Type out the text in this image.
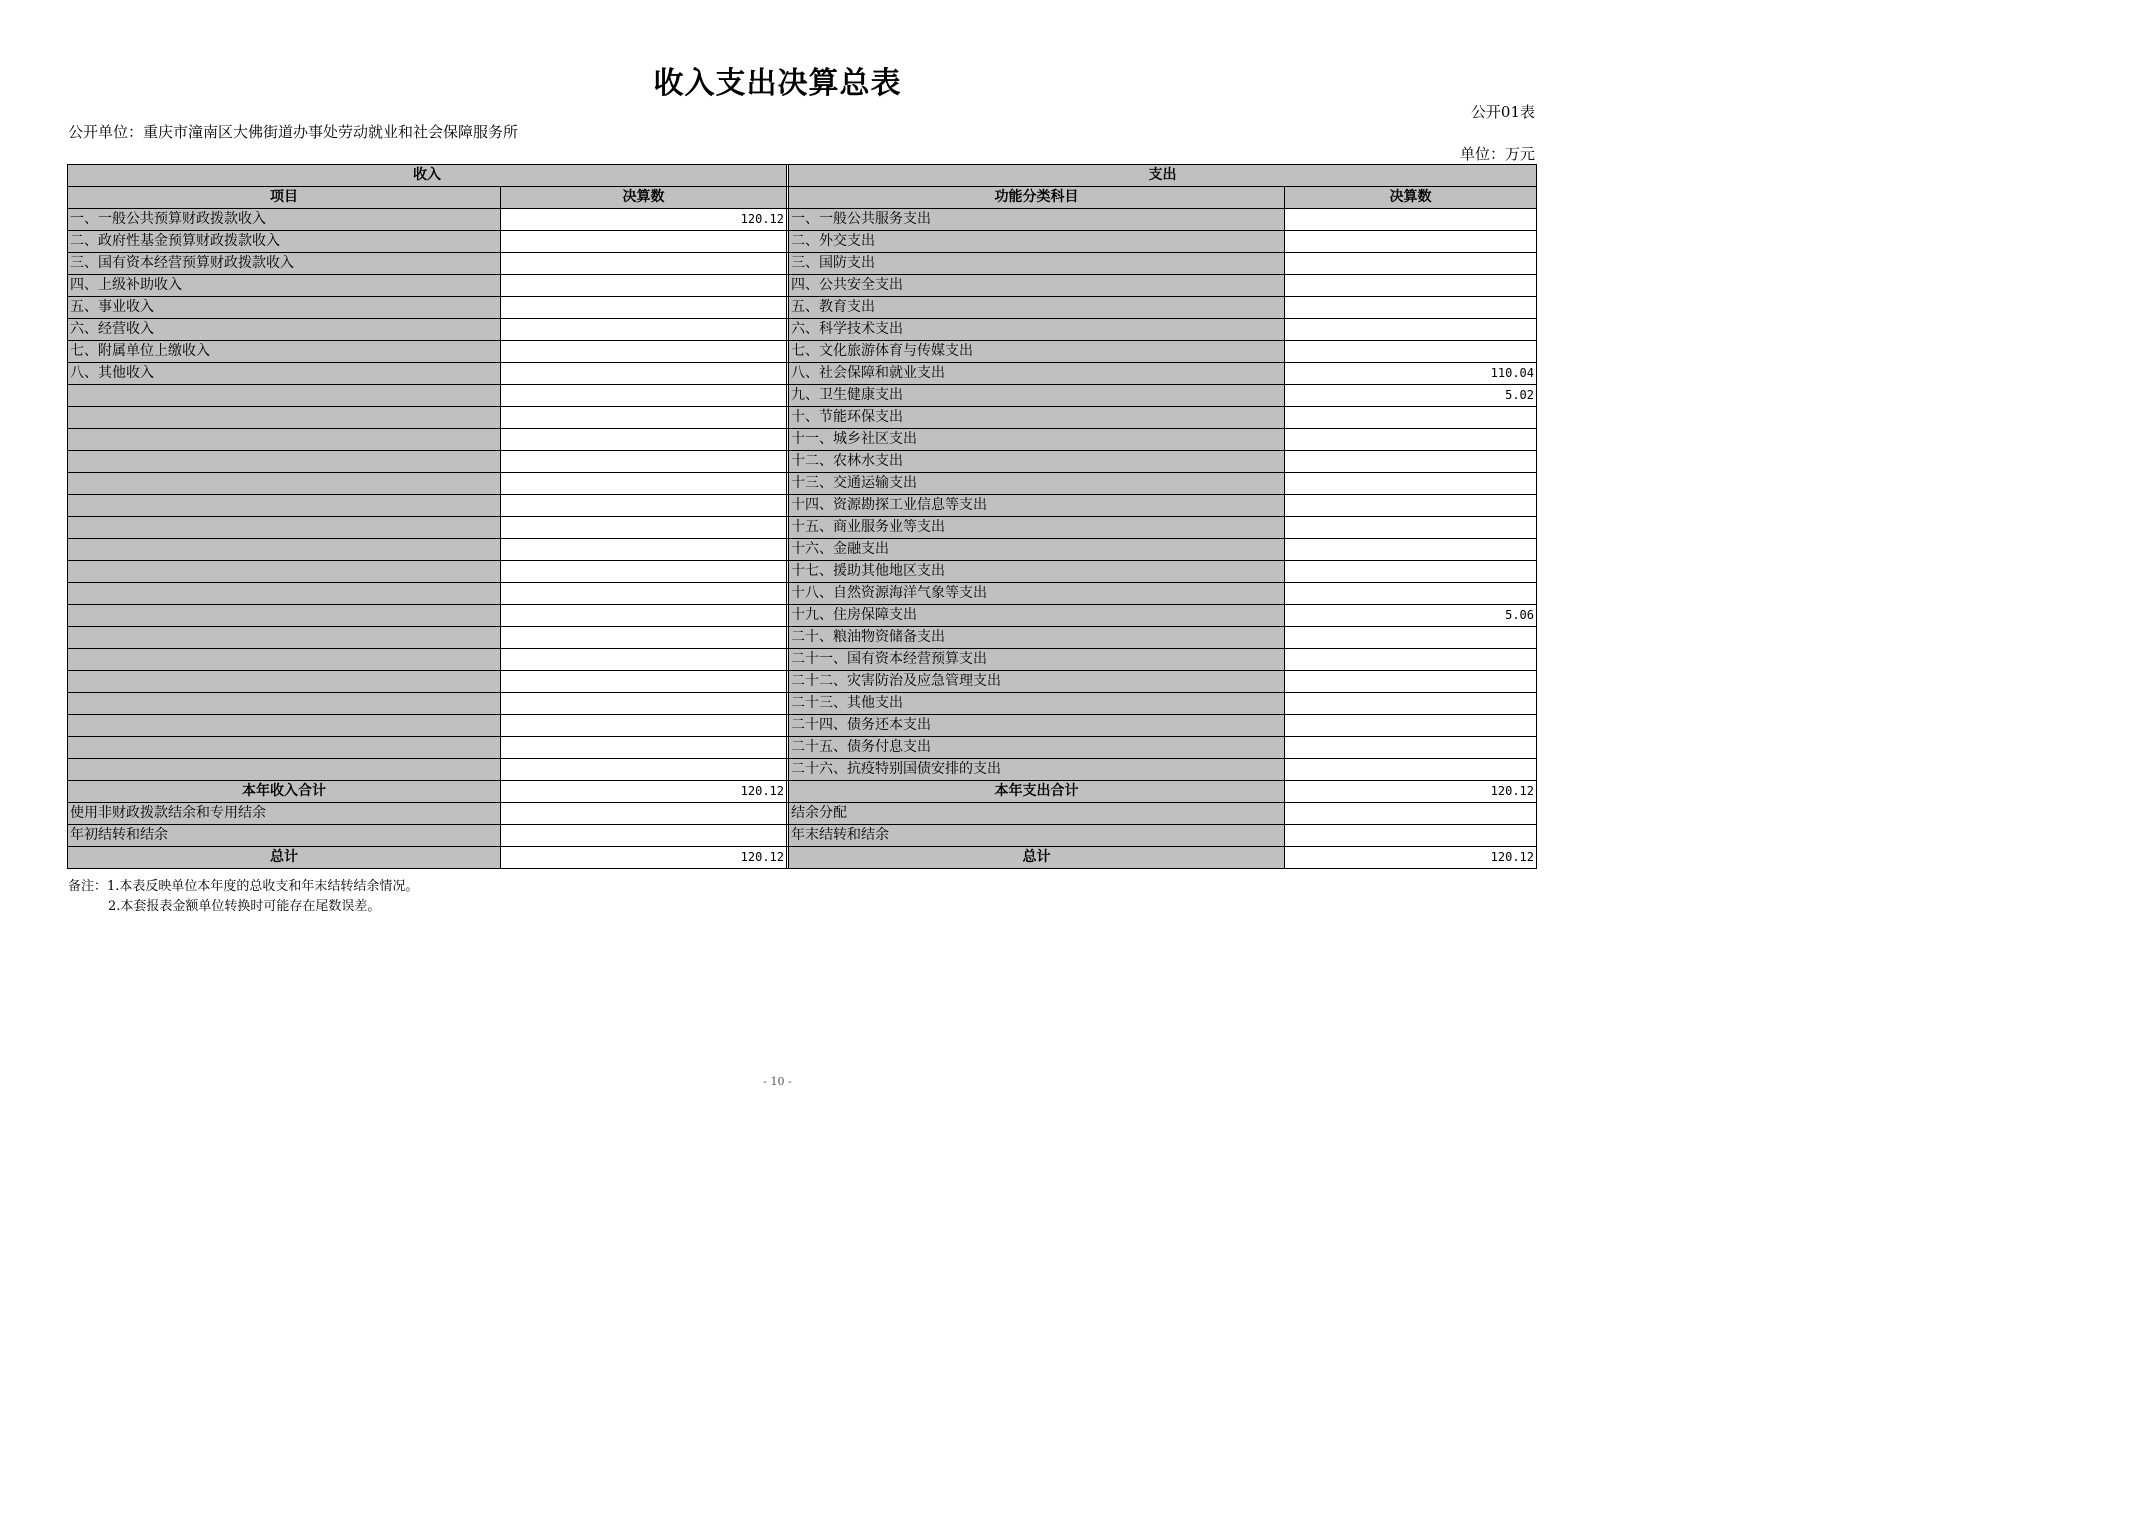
收入支出决算总表
公开01表
公开单位：重庆市潼南区大佛街道办事处劳动就业和社会保障服务所
单位：万元
收入			支出	
项目	决算数		功能分类科目	决算数
一、一般公共预算财政拨款收入	120.12		一、一般公共服务支出	
二、政府性基金预算财政拨款收入			二、外交支出	
三、国有资本经营预算财政拨款收入			三、国防支出	
四、上级补助收入			四、公共安全支出	
五、事业收入			五、教育支出	
六、经营收入			六、科学技术支出	
七、附属单位上缴收入			七、文化旅游体育与传媒支出	
八、其他收入			八、社会保障和就业支出	110.04
			九、卫生健康支出	5.02
			十、节能环保支出	
			十一、城乡社区支出	
			十二、农林水支出	
			十三、交通运输支出	
			十四、资源勘探工业信息等支出	
			十五、商业服务业等支出	
			十六、金融支出	
			十七、援助其他地区支出	
			十八、自然资源海洋气象等支出	
			十九、住房保障支出	5.06
			二十、粮油物资储备支出	
			二十一、国有资本经营预算支出	
			二十二、灾害防治及应急管理支出	
			二十三、其他支出	
			二十四、债务还本支出	
			二十五、债务付息支出	
			二十六、抗疫特别国债安排的支出	
本年收入合计	120.12		本年支出合计	120.12
使用非财政拨款结余和专用结余			结余分配	
年初结转和结余			年末结转和结余	
总计	120.12		总计	120.12
备注：1.本表反映单位本年度的总收支和年末结转结余情况。
2.本套报表金额单位转换时可能存在尾数误差。
- 10 -
